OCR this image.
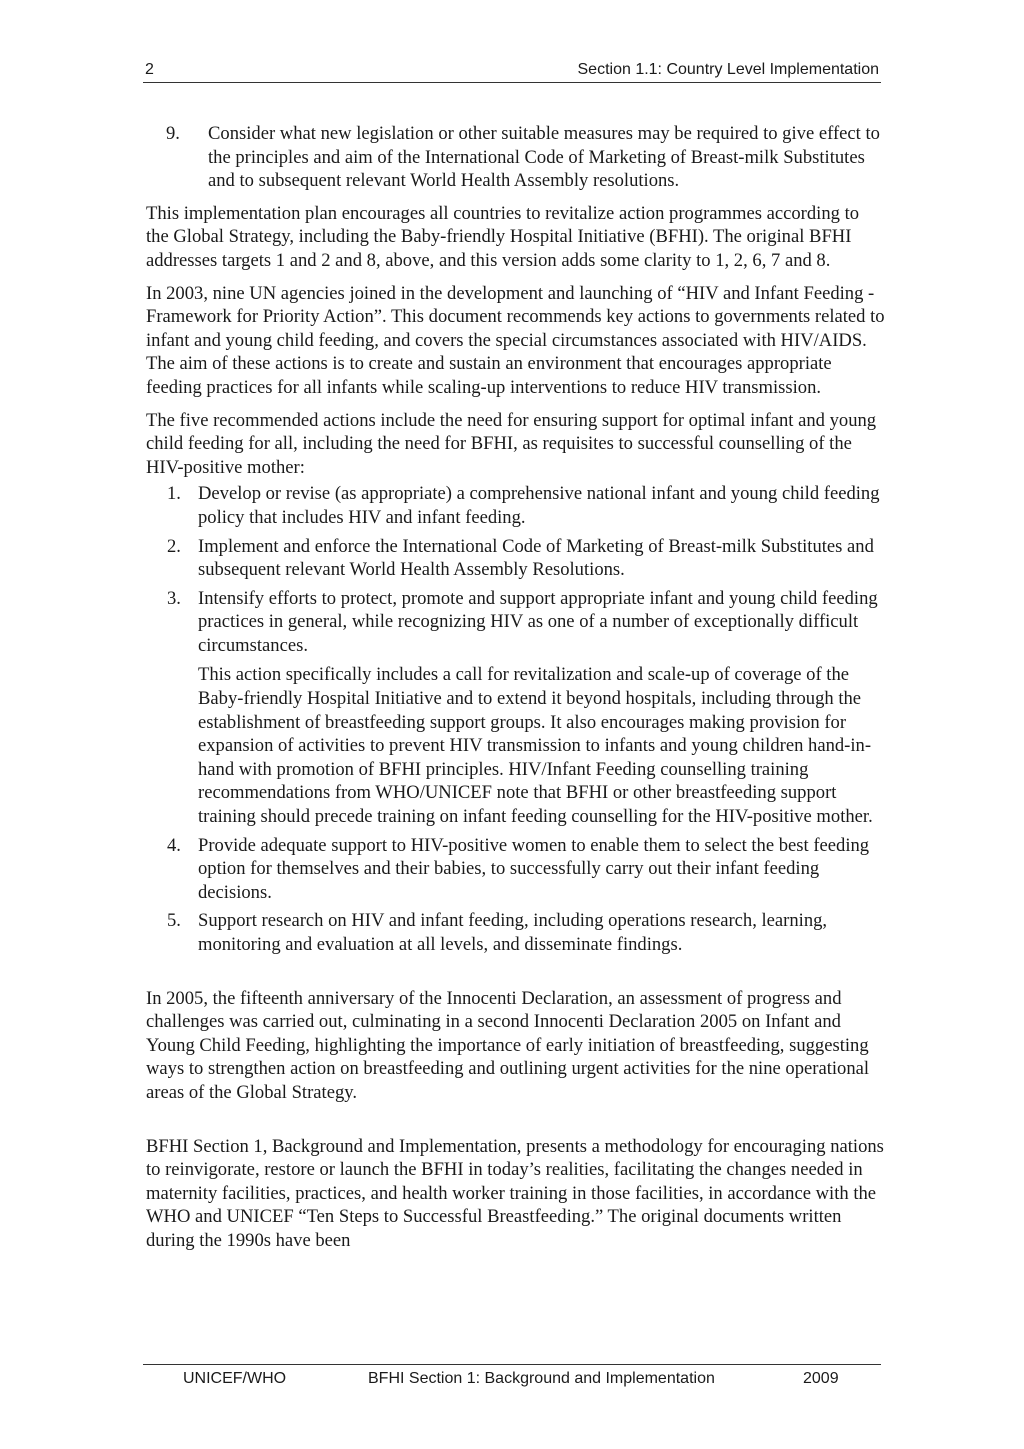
2	Section 1.1: Country Level Implementation
9.	Consider what new legislation or other suitable measures may be required to give effect to the principles and aim of the International Code of Marketing of Breast-milk Substitutes and to subsequent relevant World Health Assembly resolutions.

This implementation plan encourages all countries to revitalize action programmes according to the Global Strategy, including the Baby-friendly Hospital Initiative (BFHI). The original BFHI addresses targets 1 and 2 and 8, above, and this version adds some clarity to 1, 2, 6, 7 and 8.

In 2003, nine UN agencies joined in the development and launching of “HIV and Infant Feeding - Framework for Priority Action”. This document recommends key actions to governments related to infant and young child feeding, and covers the special circumstances associated with HIV/AIDS. The aim of these actions is to create and sustain an environment that encourages appropriate feeding practices for all infants while scaling-up interventions to reduce HIV transmission.

The five recommended actions include the need for ensuring support for optimal infant and young child feeding for all, including the need for BFHI, as requisites to successful counselling of the HIV-positive mother:

1. Develop or revise (as appropriate) a comprehensive national infant and young child feeding policy that includes HIV and infant feeding.

2. Implement and enforce the International Code of Marketing of Breast-milk Substitutes and subsequent relevant World Health Assembly Resolutions.

3. Intensify efforts to protect, promote and support appropriate infant and young child feeding practices in general, while recognizing HIV as one of a number of exceptionally difficult circumstances.

This action specifically includes a call for revitalization and scale-up of coverage of the Baby-friendly Hospital Initiative and to extend it beyond hospitals, including through the establishment of breastfeeding support groups. It also encourages making provision for expansion of activities to prevent HIV transmission to infants and young children hand-in-hand with promotion of BFHI principles. HIV/Infant Feeding counselling training recommendations from WHO/UNICEF note that BFHI or other breastfeeding support training should precede training on infant feeding counselling for the HIV-positive mother.

4. Provide adequate support to HIV-positive women to enable them to select the best feeding option for themselves and their babies, to successfully carry out their infant feeding decisions.

5. Support research on HIV and infant feeding, including operations research, learning, monitoring and evaluation at all levels, and disseminate findings.

In 2005, the fifteenth anniversary of the Innocenti Declaration, an assessment of progress and challenges was carried out, culminating in a second Innocenti Declaration 2005 on Infant and Young Child Feeding, highlighting the importance of early initiation of breastfeeding, suggesting ways to strengthen action on breastfeeding and outlining urgent activities for the nine operational areas of the Global Strategy.

BFHI Section 1, Background and Implementation, presents a methodology for encouraging nations to reinvigorate, restore or launch the BFHI in today’s realities, facilitating the changes needed in maternity facilities, practices, and health worker training in those facilities, in accordance with the WHO and UNICEF “Ten Steps to Successful Breastfeeding.” The original documents written during the 1990s have been

UNICEF/WHO	BFHI Section 1: Background and Implementation	2009
